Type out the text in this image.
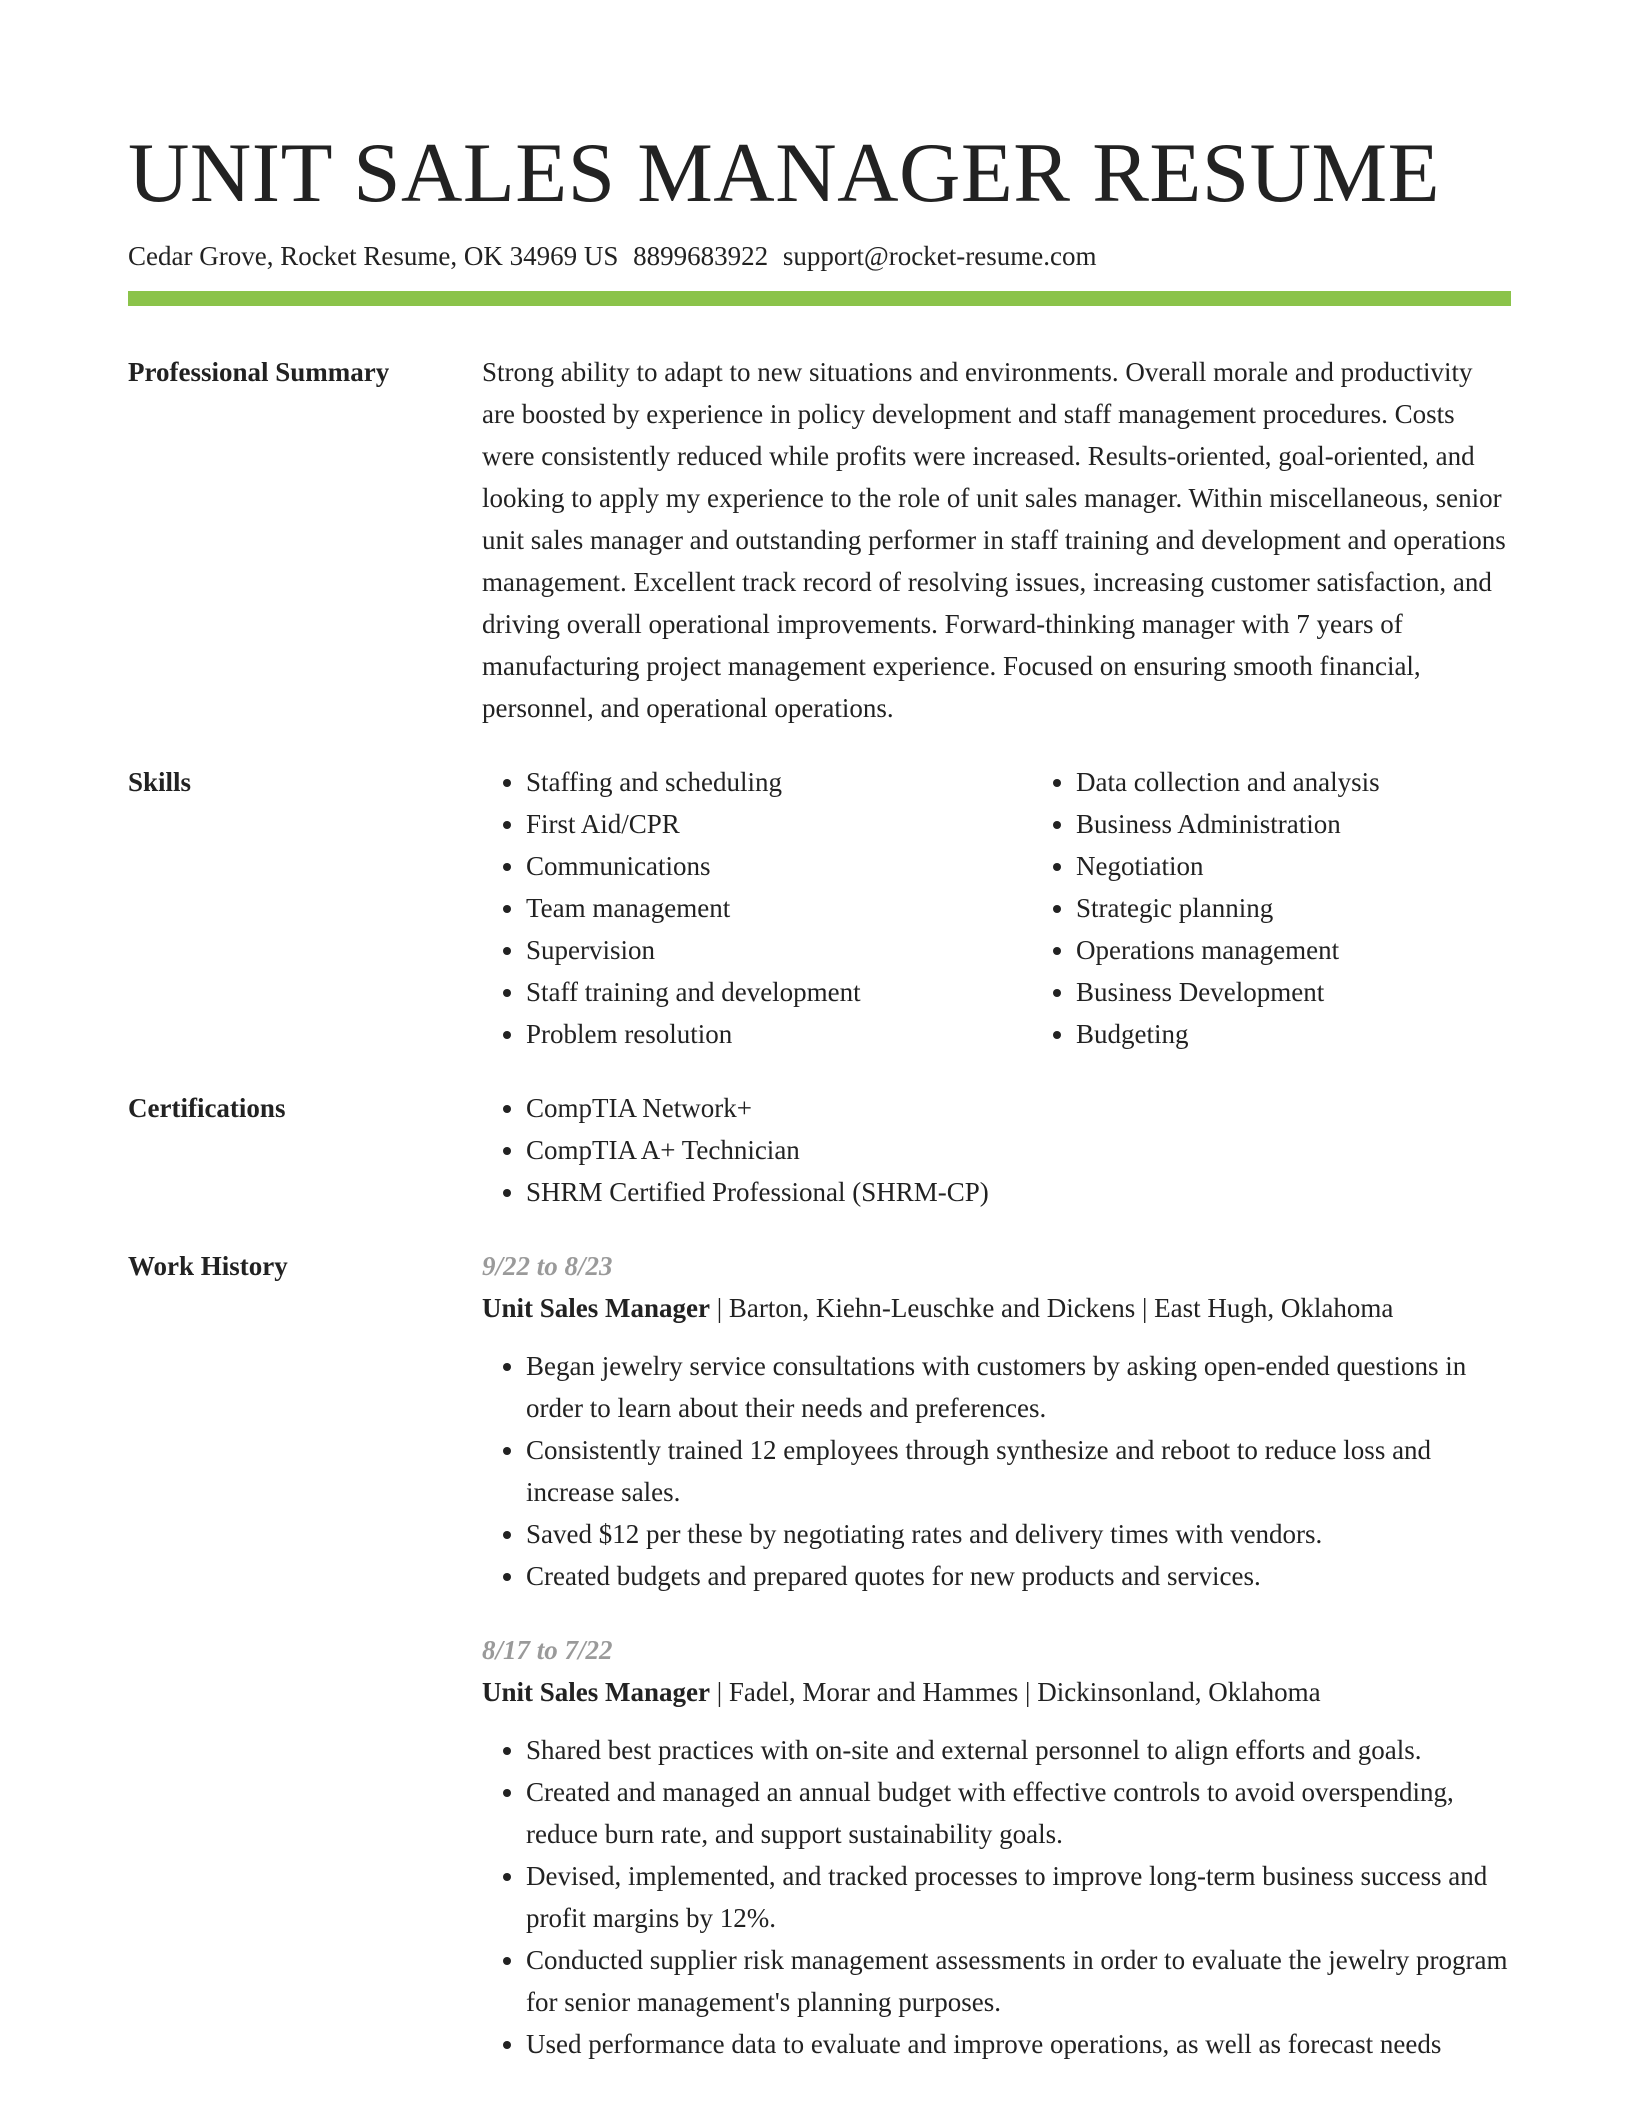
UNIT SALES MANAGER RESUME
Cedar Grove, Rocket Resume, OK 34969 US 8899683922 support@rocket-resume.com
Professional Summary	Strong ability to adapt to new situations and environments. Overall morale and productivity are boosted by experience in policy development and staff management procedures. Costs were consistently reduced while profits were increased. Results-oriented, goal-oriented, and looking to apply my experience to the role of unit sales manager. Within miscellaneous, senior unit sales manager and outstanding performer in staff training and development and operations management. Excellent track record of resolving issues, increasing customer satisfaction, and driving overall operational improvements. Forward-thinking manager with 7 years of manufacturing project management experience. Focused on ensuring smooth financial, personnel, and operational operations.
Skills	• Staffing and scheduling
• First Aid/CPR
• Communications
• Team management
• Supervision
• Staff training and development
• Problem resolution
• Data collection and analysis
• Business Administration
• Negotiation
• Strategic planning
• Operations management
• Business Development
• Budgeting
Certifications	• CompTIA Network+
• CompTIA A+ Technician
• SHRM Certified Professional (SHRM-CP)
Work History	9/22 to 8/23
Unit Sales Manager | Barton, Kiehn-Leuschke and Dickens | East Hugh, Oklahoma
• Began jewelry service consultations with customers by asking open-ended questions in order to learn about their needs and preferences.
• Consistently trained 12 employees through synthesize and reboot to reduce loss and increase sales.
• Saved $12 per these by negotiating rates and delivery times with vendors.
• Created budgets and prepared quotes for new products and services.
8/17 to 7/22
Unit Sales Manager | Fadel, Morar and Hammes | Dickinsonland, Oklahoma
• Shared best practices with on-site and external personnel to align efforts and goals.
• Created and managed an annual budget with effective controls to avoid overspending, reduce burn rate, and support sustainability goals.
• Devised, implemented, and tracked processes to improve long-term business success and profit margins by 12%.
• Conducted supplier risk management assessments in order to evaluate the jewelry program for senior management's planning purposes.
• Used performance data to evaluate and improve operations, as well as forecast needs
